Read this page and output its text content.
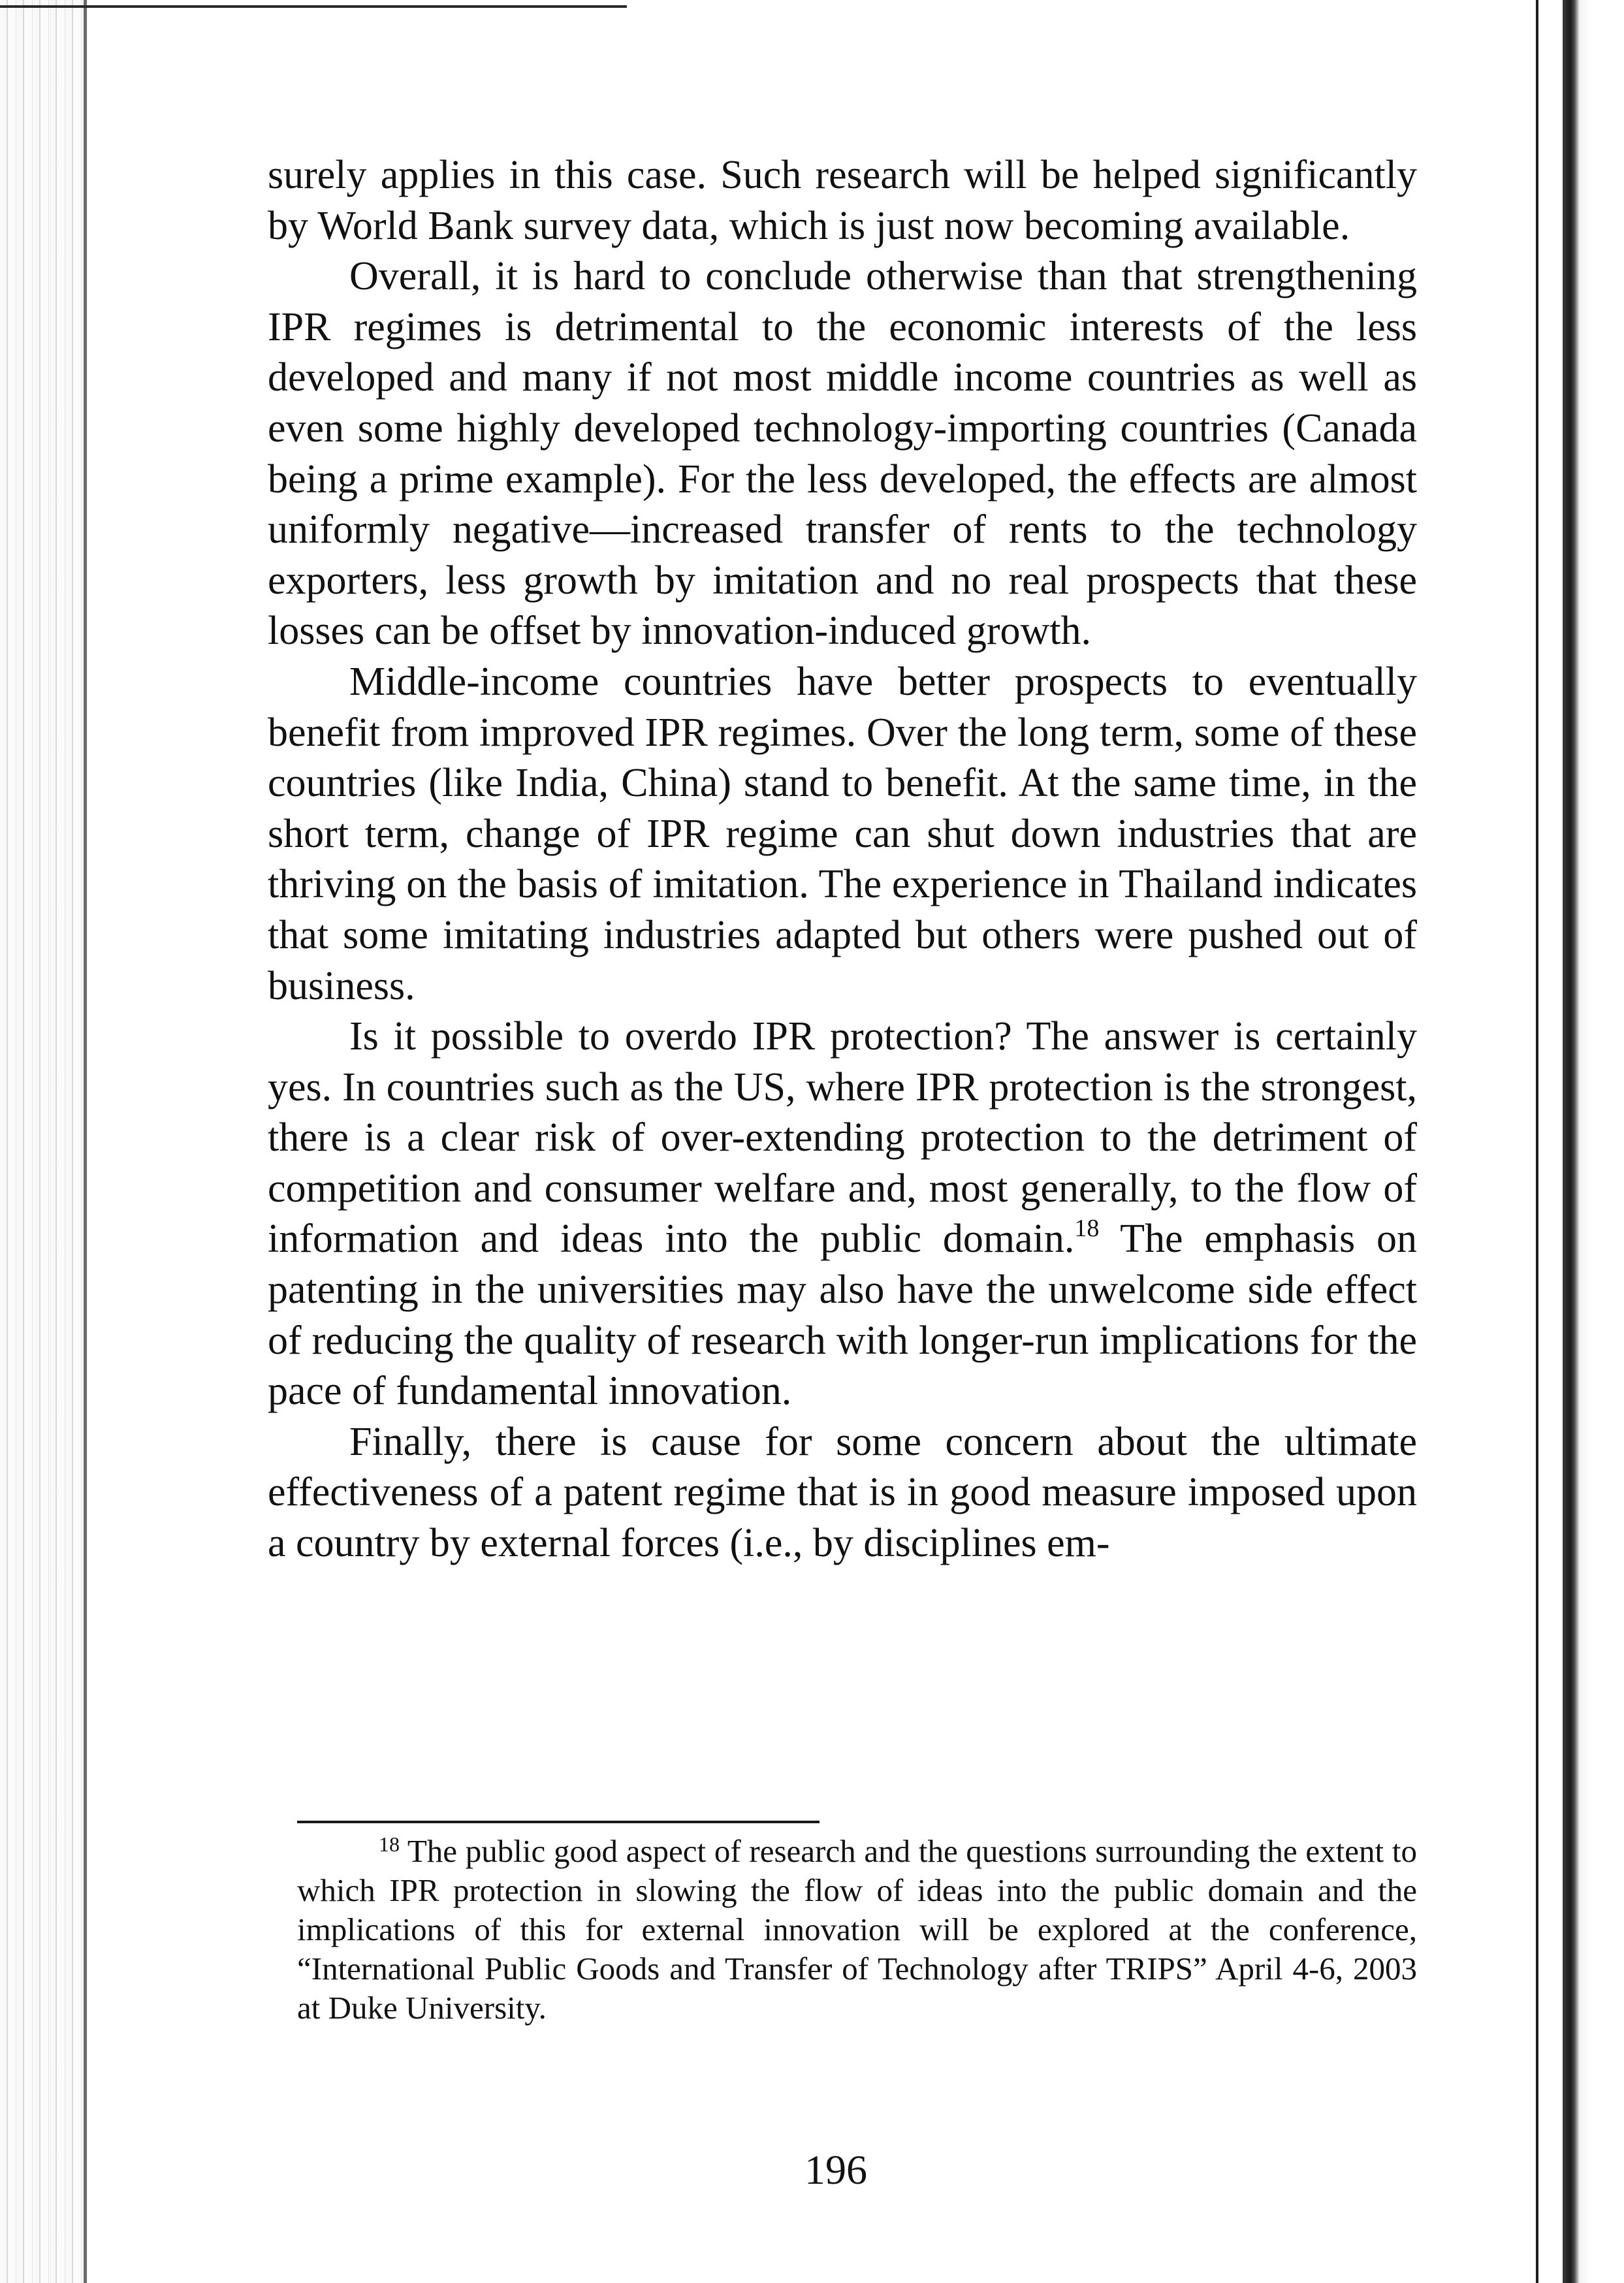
surely applies in this case. Such research will be helped significantly by World Bank survey data, which is just now becoming available.

Overall, it is hard to conclude otherwise than that strengthening IPR regimes is detrimental to the economic interests of the less developed and many if not most middle income countries as well as even some highly developed technology-importing countries (Canada being a prime example). For the less developed, the effects are almost uniformly negative—increased transfer of rents to the technology exporters, less growth by imitation and no real prospects that these losses can be offset by innovation-induced growth.

Middle-income countries have better prospects to eventually benefit from improved IPR regimes. Over the long term, some of these countries (like India, China) stand to benefit. At the same time, in the short term, change of IPR regime can shut down industries that are thriving on the basis of imitation. The experience in Thailand indicates that some imitating industries adapted but others were pushed out of business.

Is it possible to overdo IPR protection? The answer is certainly yes. In countries such as the US, where IPR protection is the strongest, there is a clear risk of over-extending protection to the detriment of competition and consumer welfare and, most generally, to the flow of information and ideas into the public domain.$^{18}$ The emphasis on patenting in the universities may also have the unwelcome side effect of reducing the quality of research with longer-run implications for the pace of fundamental innovation.

Finally, there is cause for some concern about the ultimate effectiveness of a patent regime that is in good measure imposed upon a country by external forces (i.e., by disciplines em-

$^{18}$ The public good aspect of research and the questions surrounding the extent to which IPR protection in slowing the flow of ideas into the public domain and the implications of this for external innovation will be explored at the conference, “International Public Goods and Transfer of Technology after TRIPS” April 4-6, 2003 at Duke University.

196
